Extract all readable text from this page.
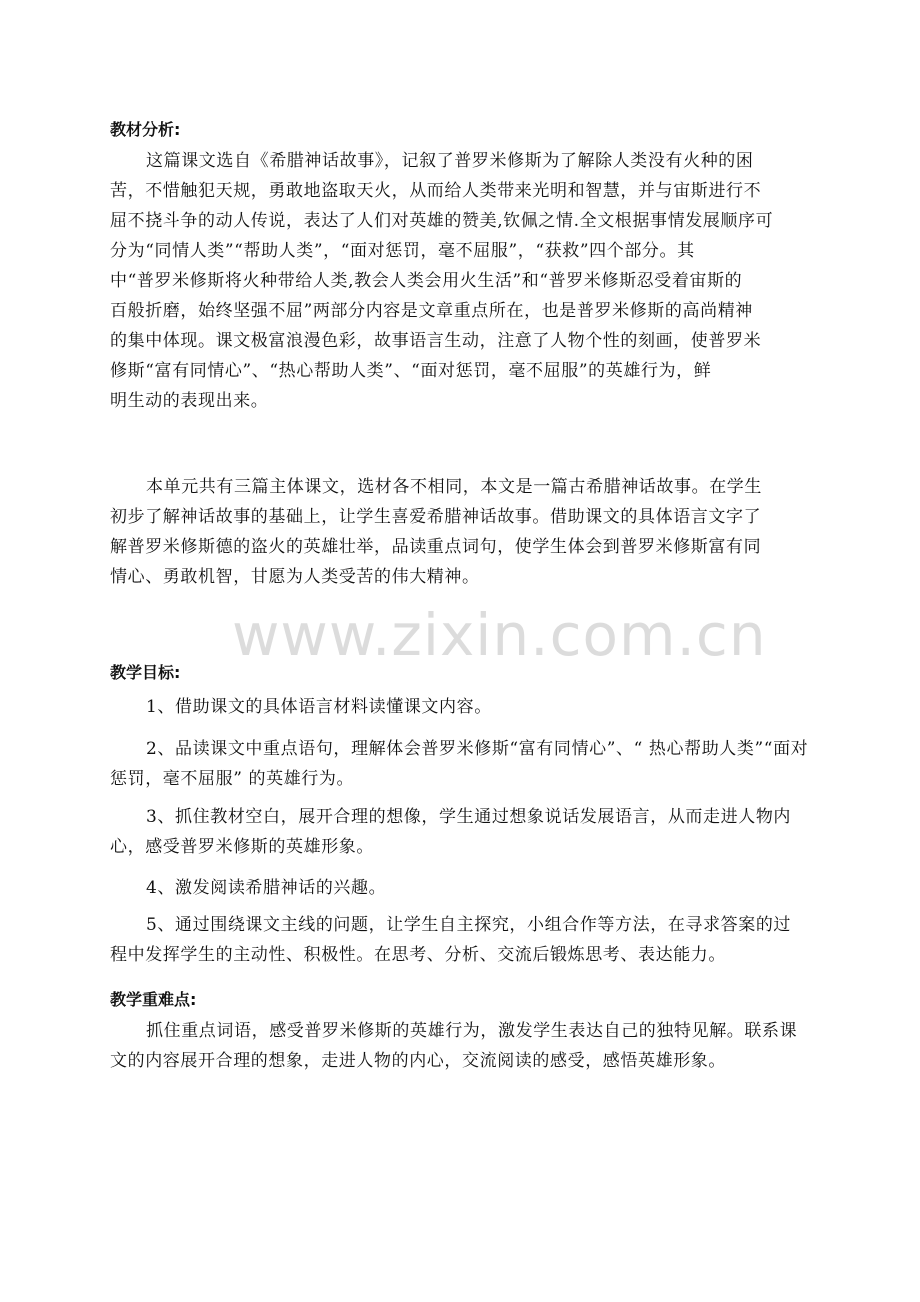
教材分析:
这篇课文选自《希腊神话故事》，记叙了普罗米修斯为了解除人类没有火种的困
苦，不惜触犯天规，勇敢地盗取天火，从而给人类带来光明和智慧，并与宙斯进行不
屈不挠斗争的动人传说，表达了人们对英雄的赞美,钦佩之情.全文根据事情发展顺序可
分为“同情人类”“帮助人类”，“面对惩罚，毫不屈服”，“获救”四个部分。其
中“普罗米修斯将火种带给人类,教会人类会用火生活”和“普罗米修斯忍受着宙斯的
百般折磨，始终坚强不屈”两部分内容是文章重点所在，也是普罗米修斯的高尚精神
的集中体现。课文极富浪漫色彩，故事语言生动，注意了人物个性的刻画，使普罗米
修斯“富有同情心”、“热心帮助人类”、“面对惩罚，毫不屈服”的英雄行为，鲜
明生动的表现出来。
本单元共有三篇主体课文，选材各不相同，本文是一篇古希腊神话故事。在学生
初步了解神话故事的基础上，让学生喜爱希腊神话故事。借助课文的具体语言文字了
解普罗米修斯德的盗火的英雄壮举，品读重点词句，使学生体会到普罗米修斯富有同
情心、勇敢机智，甘愿为人类受苦的伟大精神。
www.zixin.com.cn
教学目标:
1、借助课文的具体语言材料读懂课文内容。
2、品读课文中重点语句，理解体会普罗米修斯“富有同情心”、“ 热心帮助人类”“面对
惩罚，毫不屈服” 的英雄行为。
3、抓住教材空白，展开合理的想像，学生通过想象说话发展语言，从而走进人物内
心，感受普罗米修斯的英雄形象。
4、激发阅读希腊神话的兴趣。
5、通过围绕课文主线的问题，让学生自主探究，小组合作等方法，在寻求答案的过
程中发挥学生的主动性、积极性。在思考、分析、交流后锻炼思考、表达能力。
教学重难点:
抓住重点词语，感受普罗米修斯的英雄行为，激发学生表达自己的独特见解。联系课
文的内容展开合理的想象，走进人物的内心，交流阅读的感受，感悟英雄形象。
